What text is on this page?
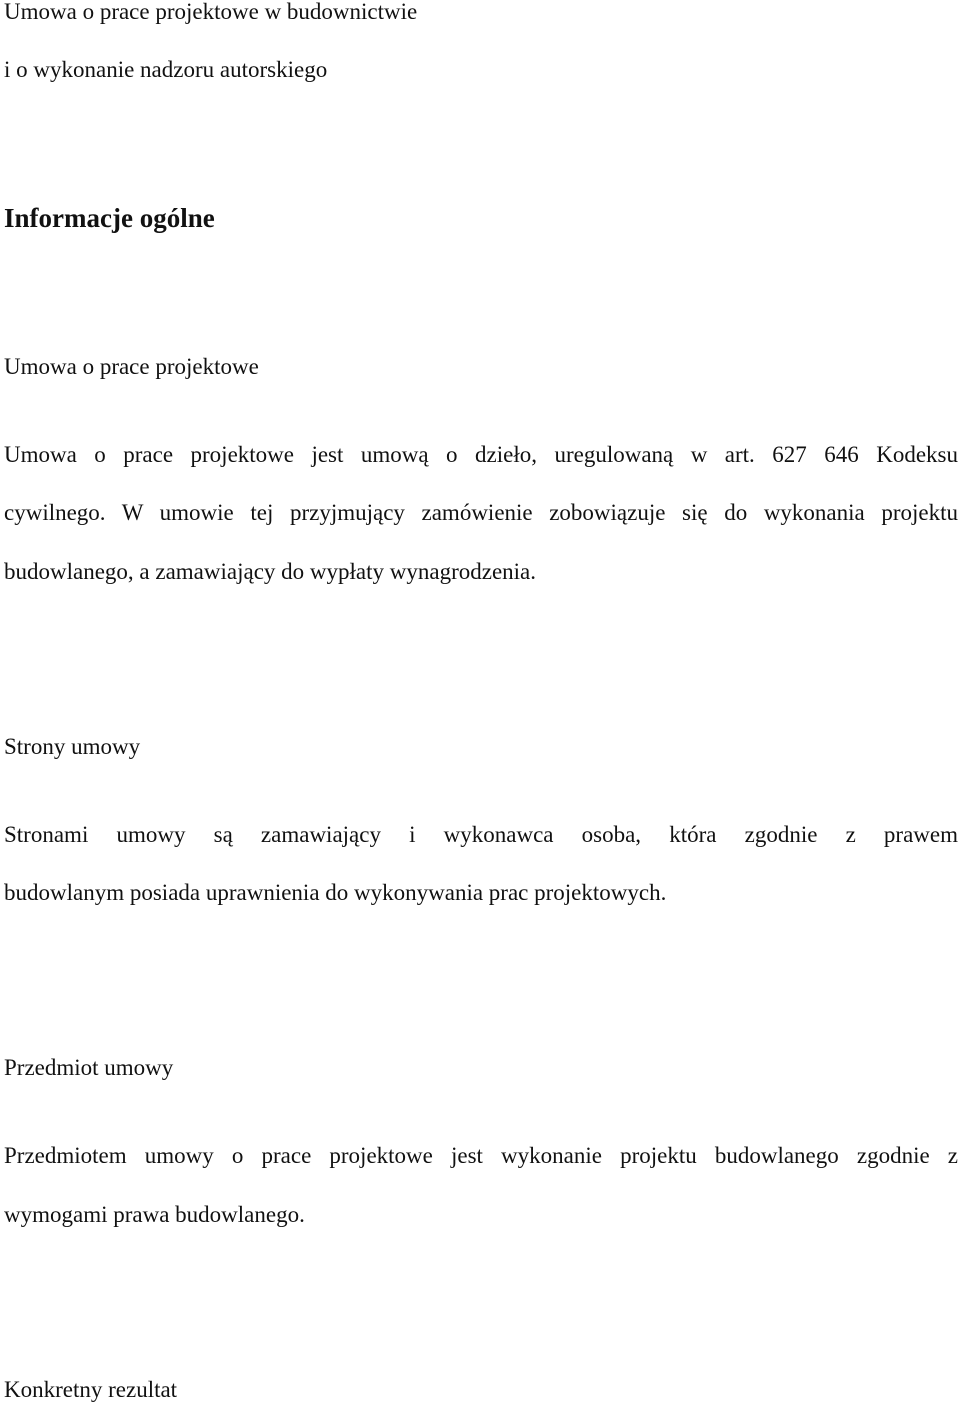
Umowa o prace projektowe w budownictwie
i o wykonanie nadzoru autorskiego
Informacje ogólne
Umowa o prace projektowe
Umowa o prace projektowe jest umową o dzieło, uregulowaną w art. 627 646 Kodeksu
cywilnego. W umowie tej przyjmujący zamówienie zobowiązuje się do wykonania projektu
budowlanego, a zamawiający do wypłaty wynagrodzenia.
Strony umowy
Stronami umowy są zamawiający i wykonawca osoba, która zgodnie z prawem
budowlanym posiada uprawnienia do wykonywania prac projektowych.
Przedmiot umowy
Przedmiotem umowy o prace projektowe jest wykonanie projektu budowlanego zgodnie z
wymogami prawa budowlanego.
Konkretny rezultat
